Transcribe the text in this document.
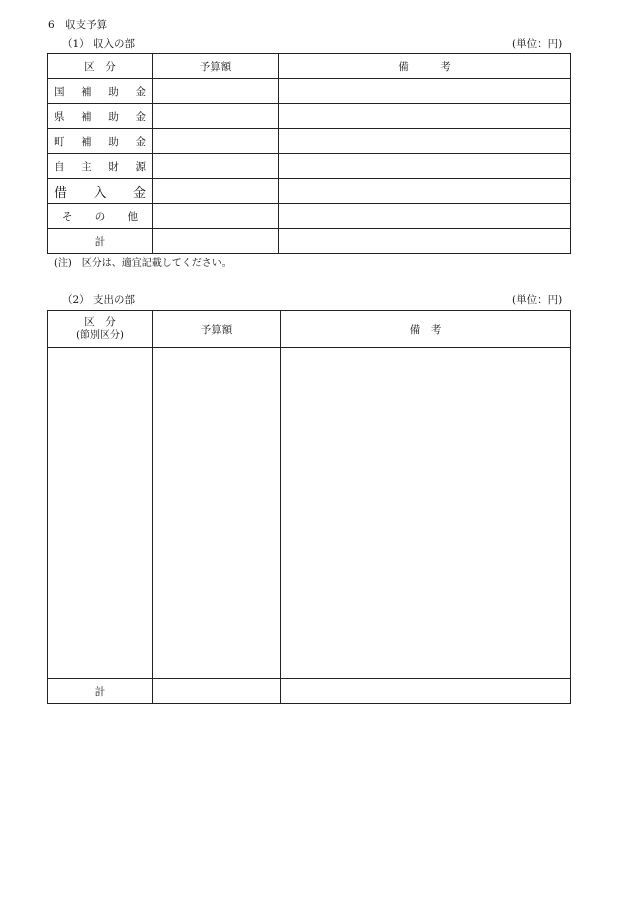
6　収支予算
（1） 収入の部	(単位：円)
区　分	予算額	備　　　考
国補助金		
県補助金		
町補助金		
自主財源		
借入金		
その他		
計		
(注)　区分は、適宜記載してください。
（2） 支出の部	(単位：円)
区　分
(節別区分)	予算額	備　考

計		
